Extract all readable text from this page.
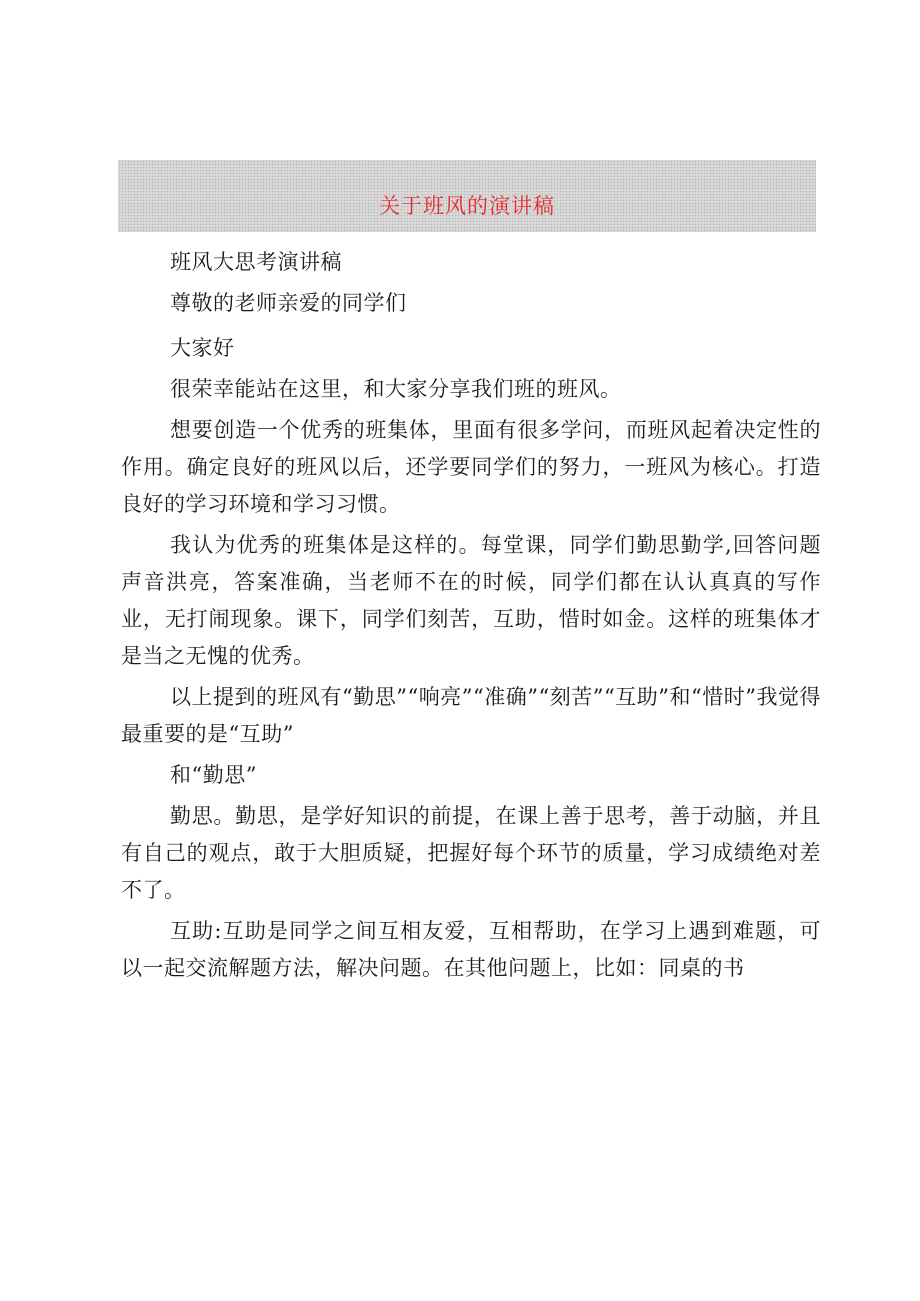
关于班风的演讲稿

班风大思考演讲稿

尊敬的老师亲爱的同学们

大家好

很荣幸能站在这里，和大家分享我们班的班风。

想要创造一个优秀的班集体，里面有很多学问，而班风起着决定性的作用。确定良好的班风以后，还学要同学们的努力，一班风为核心。打造良好的学习环境和学习习惯。

我认为优秀的班集体是这样的。每堂课，同学们勤思勤学,回答问题声音洪亮，答案准确，当老师不在的时候，同学们都在认认真真的写作业，无打闹现象。课下，同学们刻苦，互助，惜时如金。这样的班集体才是当之无愧的优秀。

以上提到的班风有“勤思”“响亮”“准确”“刻苦”“互助”和“惜时”我觉得最重要的是“互助”

和“勤思”

勤思。勤思，是学好知识的前提，在课上善于思考，善于动脑，并且有自己的观点，敢于大胆质疑，把握好每个环节的质量，学习成绩绝对差不了。

互助:互助是同学之间互相友爱，互相帮助，在学习上遇到难题，可以一起交流解题方法，解决问题。在其他问题上，比如：同桌的书
